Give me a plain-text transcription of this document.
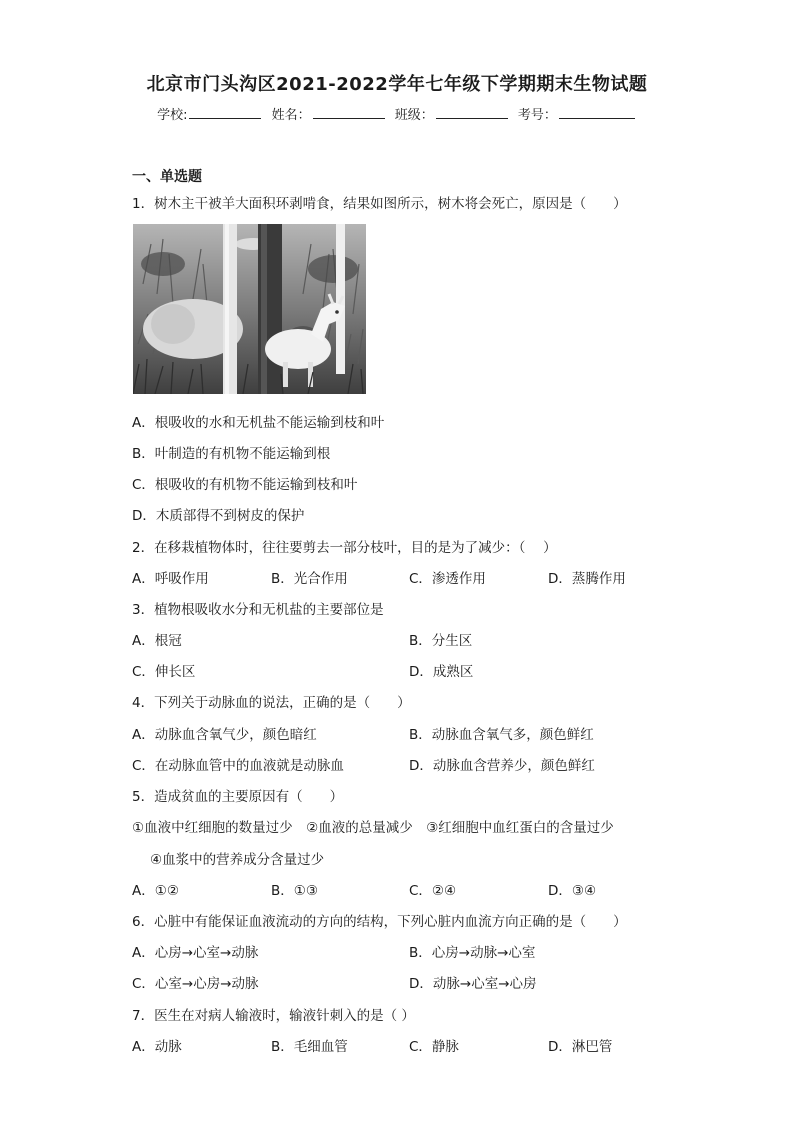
北京市门头沟区2021-2022学年七年级下学期期末生物试题
学校:	姓名：	班级：	考号：
一、单选题
1．树木主干被羊大面积环剥啃食，结果如图所示，树木将会死亡，原因是（　　）
A．根吸收的水和无机盐不能运输到枝和叶
B．叶制造的有机物不能运输到根
C．根吸收的有机物不能运输到枝和叶
D．木质部得不到树皮的保护
2．在移栽植物体时，往往要剪去一部分枝叶，目的是为了减少：（　 ）
A．呼吸作用	B．光合作用	C．渗透作用	D．蒸腾作用
3．植物根吸收水分和无机盐的主要部位是
A．根冠	B．分生区
C．伸长区	D．成熟区
4．下列关于动脉血的说法，正确的是（　　）
A．动脉血含氧气少，颜色暗红	B．动脉血含氧气多，颜色鲜红
C．在动脉血管中的血液就是动脉血	D．动脉血含营养少，颜色鲜红
5．造成贫血的主要原因有（　　）
①血液中红细胞的数量过少　②血液的总量减少　③红细胞中血红蛋白的含量过少
④血浆中的营养成分含量过少
A．①②	B．①③	C．②④	D．③④
6．心脏中有能保证血液流动的方向的结构，下列心脏内血流方向正确的是（　　）
A．心房→心室→动脉	B．心房→动脉→心室
C．心室→心房→动脉	D．动脉→心室→心房
7．医生在对病人输液时，输液针刺入的是（ ）
A．动脉	B．毛细血管	C．静脉	D．淋巴管
